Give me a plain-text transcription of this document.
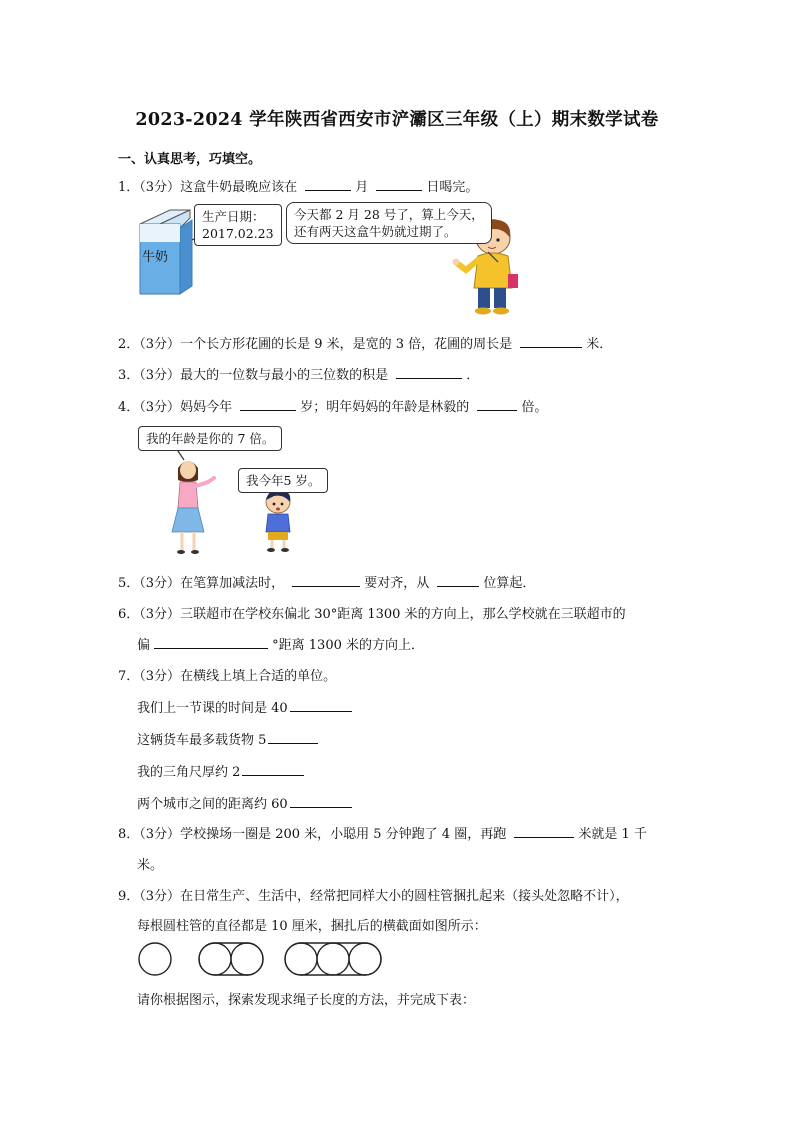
2023-2024 学年陕西省西安市浐灞区三年级（上）期末数学试卷
一、认真思考，巧填空。
1．（3分）这盒牛奶最晚应该在	月	日喝完。
牛奶
生产日期：
2017.02.23
今天都 2 月 28 号了，算上今天，
还有两天这盒牛奶就过期了。
2．（3分）一个长方形花圃的长是 9 米，是宽的 3 倍，花圃的周长是	米．
3．（3分）最大的一位数与最小的三位数的积是	．
4．（3分）妈妈今年	岁；明年妈妈的年龄是林毅的	倍。
我的年龄是你的 7 倍。
我今年5 岁。
5．（3分）在笔算加减法时，	要对齐，从	位算起．
6．（3分）三联超市在学校东偏北 30°距离 1300 米的方向上，那么学校就在三联超市的
偏	°距离 1300 米的方向上．
7．（3分）在横线上填上合适的单位。
我们上一节课的时间是 40
这辆货车最多载货物 5
我的三角尺厚约 2
两个城市之间的距离约 60
8．（3分）学校操场一圈是 200 米，小聪用 5 分钟跑了 4 圈，再跑	米就是 1 千
米。
9．（3分）在日常生产、生活中，经常把同样大小的圆柱管捆扎起来（接头处忽略不计），
每根圆柱管的直径都是 10 厘米，捆扎后的横截面如图所示：
请你根据图示，探索发现求绳子长度的方法，并完成下表：
